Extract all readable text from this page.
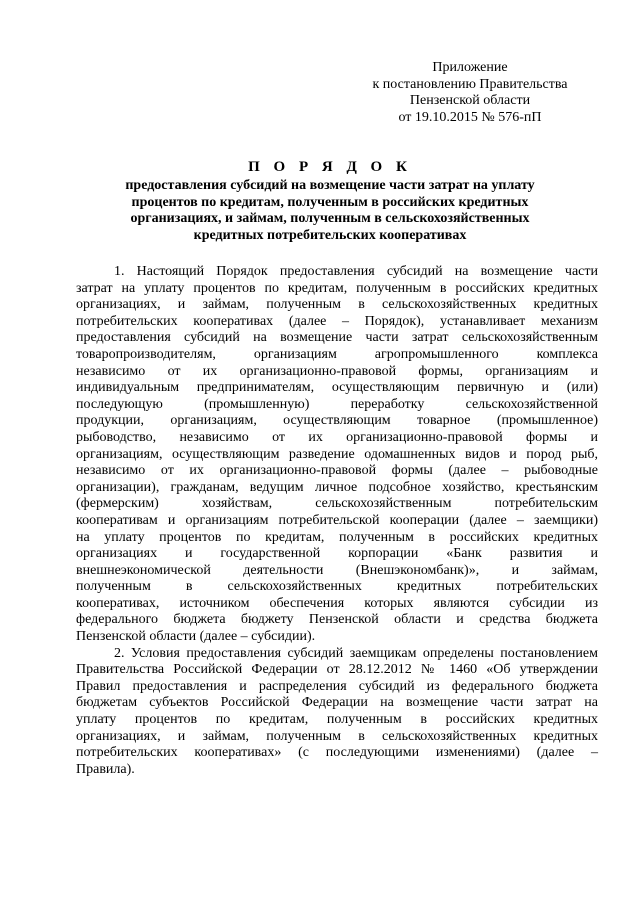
Приложение
к постановлению Правительства
Пензенской области
от 19.10.2015 № 576-пП
П О Р Я Д О К
предоставления субсидий на возмещение части затрат на уплату
процентов по кредитам, полученным в российских кредитных
организациях, и займам, полученным в сельскохозяйственных
кредитных потребительских кооперативах
1. Настоящий Порядок предоставления субсидий на возмещение части
затрат на уплату процентов по кредитам, полученным в российских кредитных
организациях, и займам, полученным в сельскохозяйственных кредитных
потребительских кооперативах (далее – Порядок), устанавливает механизм
предоставления субсидий на возмещение части затрат сельскохозяйственным
товаропроизводителям, организациям агропромышленного комплекса
независимо от их организационно-правовой формы, организациям и
индивидуальным предпринимателям, осуществляющим первичную и (или)
последующую (промышленную) переработку сельскохозяйственной
продукции, организациям, осуществляющим товарное (промышленное)
рыбоводство, независимо от их организационно-правовой формы и
организациям, осуществляющим разведение одомашненных видов и пород рыб,
независимо от их организационно-правовой формы (далее – рыбоводные
организации), гражданам, ведущим личное подсобное хозяйство, крестьянским
(фермерским) хозяйствам, сельскохозяйственным потребительским
кооперативам и организациям потребительской кооперации (далее – заемщики)
на уплату процентов по кредитам, полученным в российских кредитных
организациях и государственной корпорации «Банк развития и
внешнеэкономической деятельности (Внешэкономбанк)», и займам,
полученным в сельскохозяйственных кредитных потребительских
кооперативах, источником обеспечения которых являются субсидии из
федерального бюджета бюджету Пензенской области и средства бюджета
Пензенской области (далее – субсидии).
2. Условия предоставления субсидий заемщикам определены постановлением
Правительства Российской Федерации от 28.12.2012 № 1460 «Об утверждении
Правил предоставления и распределения субсидий из федерального бюджета
бюджетам субъектов Российской Федерации на возмещение части затрат на
уплату процентов по кредитам, полученным в российских кредитных
организациях, и займам, полученным в сельскохозяйственных кредитных
потребительских кооперативах» (с последующими изменениями) (далее –
Правила).
